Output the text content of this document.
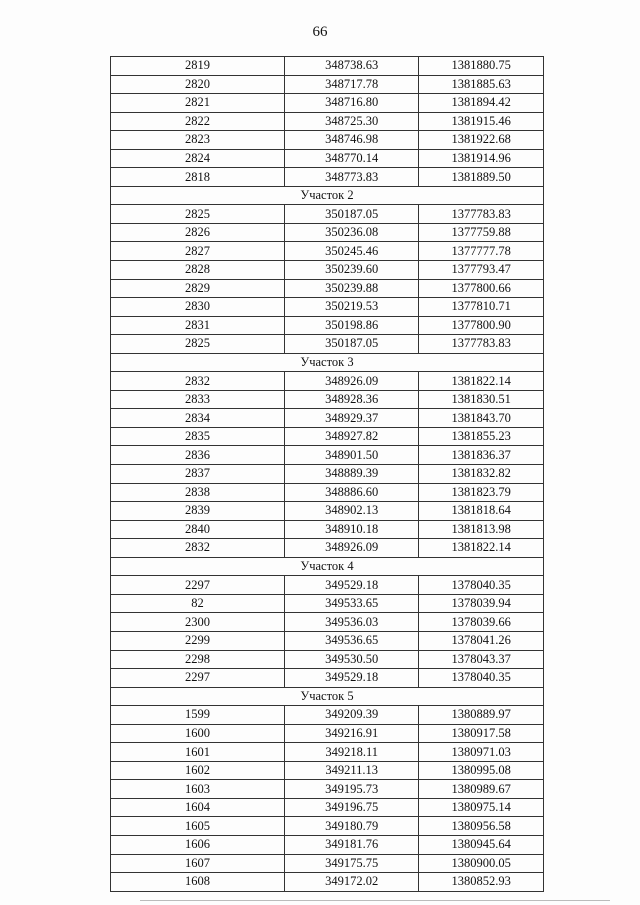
66
2819	348738.63	1381880.75
2820	348717.78	1381885.63
2821	348716.80	1381894.42
2822	348725.30	1381915.46
2823	348746.98	1381922.68
2824	348770.14	1381914.96
2818	348773.83	1381889.50
Участок 2		
2825	350187.05	1377783.83
2826	350236.08	1377759.88
2827	350245.46	1377777.78
2828	350239.60	1377793.47
2829	350239.88	1377800.66
2830	350219.53	1377810.71
2831	350198.86	1377800.90
2825	350187.05	1377783.83
Участок 3		
2832	348926.09	1381822.14
2833	348928.36	1381830.51
2834	348929.37	1381843.70
2835	348927.82	1381855.23
2836	348901.50	1381836.37
2837	348889.39	1381832.82
2838	348886.60	1381823.79
2839	348902.13	1381818.64
2840	348910.18	1381813.98
2832	348926.09	1381822.14
Участок 4		
2297	349529.18	1378040.35
82	349533.65	1378039.94
2300	349536.03	1378039.66
2299	349536.65	1378041.26
2298	349530.50	1378043.37
2297	349529.18	1378040.35
Участок 5		
1599	349209.39	1380889.97
1600	349216.91	1380917.58
1601	349218.11	1380971.03
1602	349211.13	1380995.08
1603	349195.73	1380989.67
1604	349196.75	1380975.14
1605	349180.79	1380956.58
1606	349181.76	1380945.64
1607	349175.75	1380900.05
1608	349172.02	1380852.93
